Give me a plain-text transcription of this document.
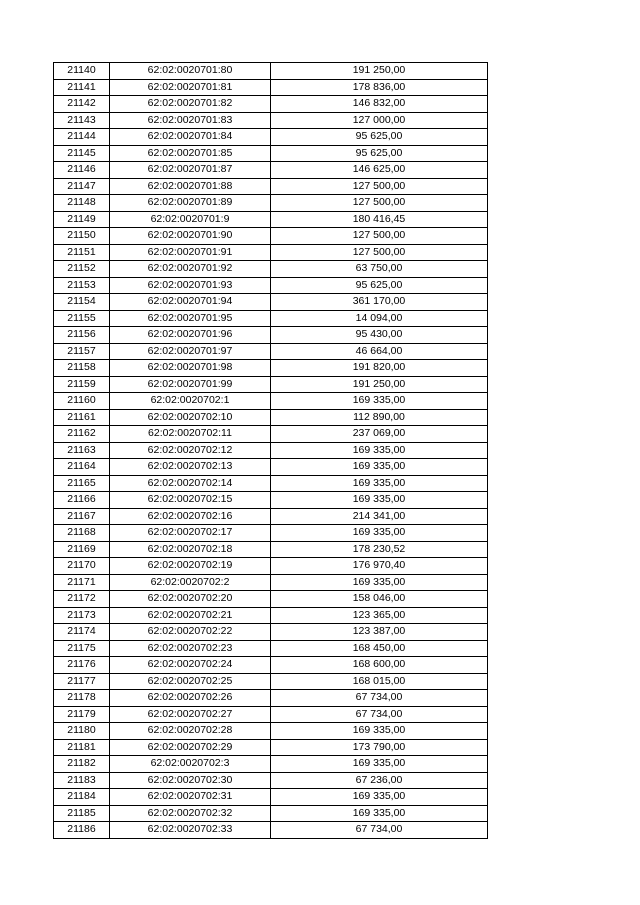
21140	62:02:0020701:80	191 250,00
21141	62:02:0020701:81	178 836,00
21142	62:02:0020701:82	146 832,00
21143	62:02:0020701:83	127 000,00
21144	62:02:0020701:84	95 625,00
21145	62:02:0020701:85	95 625,00
21146	62:02:0020701:87	146 625,00
21147	62:02:0020701:88	127 500,00
21148	62:02:0020701:89	127 500,00
21149	62:02:0020701:9	180 416,45
21150	62:02:0020701:90	127 500,00
21151	62:02:0020701:91	127 500,00
21152	62:02:0020701:92	63 750,00
21153	62:02:0020701:93	95 625,00
21154	62:02:0020701:94	361 170,00
21155	62:02:0020701:95	14 094,00
21156	62:02:0020701:96	95 430,00
21157	62:02:0020701:97	46 664,00
21158	62:02:0020701:98	191 820,00
21159	62:02:0020701:99	191 250,00
21160	62:02:0020702:1	169 335,00
21161	62:02:0020702:10	112 890,00
21162	62:02:0020702:11	237 069,00
21163	62:02:0020702:12	169 335,00
21164	62:02:0020702:13	169 335,00
21165	62:02:0020702:14	169 335,00
21166	62:02:0020702:15	169 335,00
21167	62:02:0020702:16	214 341,00
21168	62:02:0020702:17	169 335,00
21169	62:02:0020702:18	178 230,52
21170	62:02:0020702:19	176 970,40
21171	62:02:0020702:2	169 335,00
21172	62:02:0020702:20	158 046,00
21173	62:02:0020702:21	123 365,00
21174	62:02:0020702:22	123 387,00
21175	62:02:0020702:23	168 450,00
21176	62:02:0020702:24	168 600,00
21177	62:02:0020702:25	168 015,00
21178	62:02:0020702:26	67 734,00
21179	62:02:0020702:27	67 734,00
21180	62:02:0020702:28	169 335,00
21181	62:02:0020702:29	173 790,00
21182	62:02:0020702:3	169 335,00
21183	62:02:0020702:30	67 236,00
21184	62:02:0020702:31	169 335,00
21185	62:02:0020702:32	169 335,00
21186	62:02:0020702:33	67 734,00
